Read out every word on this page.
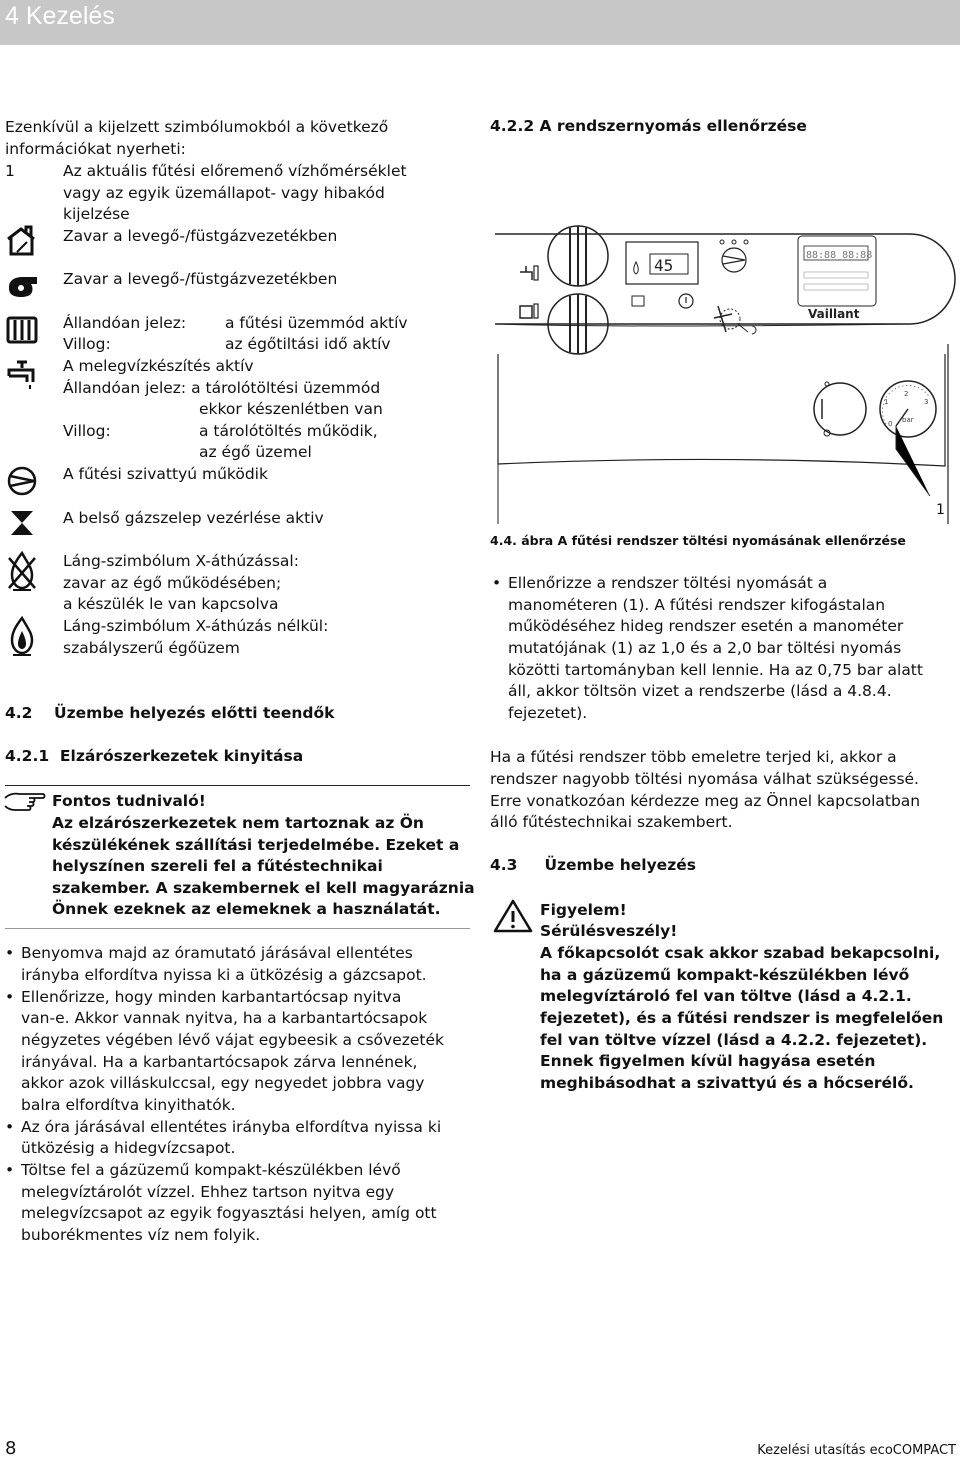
4 Kezelés
Ezenkívül a kijelzett szimbólumokból a következő
információkat nyerheti:
1	Az aktuális fűtési előremenő vízhőmérséklet
vagy az egyik üzemállapot- vagy hibakód
kijelzése
Zavar a levegő-/füstgázvezetékben
Zavar a levegő-/füstgázvezetékben
Állandóan jelez:	a fűtési üzemmód aktív
Villog:	az égőtiltási idő aktív
A melegvízkészítés aktív
Állandóan jelez: a tárolótöltési üzemmód
ekkor készenlétben van
Villog:	a tárolótöltés működik,
az égő üzemel
A fűtési szivattyú működik
A belső gázszelep vezérlése aktiv
Láng-szimbólum X-áthúzással:
zavar az égő működésében;
a készülék le van kapcsolva
Láng-szimbólum X-áthúzás nélkül:
szabályszerű égőüzem
4.2    Üzembe helyezés előtti teendők
4.2.1  Elzárószerkezetek kinyitása
Fontos tudnivaló!
Az elzárószerkezetek nem tartoznak az Ön
készülékének szállítási terjedelmébe. Ezeket a
helyszínen szereli fel a fűtéstechnikai
szakember. A szakembernek el kell magyaráznia
Önnek ezeknek az elemeknek a használatát.
• Benyomva majd az óramutató járásával ellentétes
irányba elfordítva nyissa ki a ütközésig a gázcsapot.
• Ellenőrizze, hogy minden karbantartócsap nyitva
van-e. Akkor vannak nyitva, ha a karbantartócsapok
négyzetes végében lévő vájat egybeesik a csővezeték
irányával. Ha a karbantartócsapok zárva lennének,
akkor azok villáskulccsal, egy negyedet jobbra vagy
balra elfordítva kinyithatók.
• Az óra járásával ellentétes irányba elfordítva nyissa ki
ütközésig a hidegvízcsapot.
• Töltse fel a gázüzemű kompakt-készülékben lévő
melegvíztárolót vízzel. Ehhez tartson nyitva egy
melegvízcsapot az egyik fogyasztási helyen, amíg ott
buborékmentes víz nem folyik.
4.2.2 A rendszernyomás ellenőrzése
45
88:88 88:88
Vaillant
1
2
3
0 bar
1
4.4. ábra A fűtési rendszer töltési nyomásának ellenőrzése
• Ellenőrizze a rendszer töltési nyomását a
manométeren (1). A fűtési rendszer kifogástalan
működéséhez hideg rendszer esetén a manométer
mutatójának (1) az 1,0 és a 2,0 bar töltési nyomás
közötti tartományban kell lennie. Ha az 0,75 bar alatt
áll, akkor töltsön vizet a rendszerbe (lásd a 4.8.4.
fejezetet).
Ha a fűtési rendszer több emeletre terjed ki, akkor a
rendszer nagyobb töltési nyomása válhat szükségessé.
Erre vonatkozóan kérdezze meg az Önnel kapcsolatban
álló fűtéstechnikai szakembert.
4.3     Üzembe helyezés
Figyelem!
Sérülésveszély!
A főkapcsolót csak akkor szabad bekapcsolni,
ha a gázüzemű kompakt-készülékben lévő
melegvíztároló fel van töltve (lásd a 4.2.1.
fejezetet), és a fűtési rendszer is megfelelően
fel van töltve vízzel (lásd a 4.2.2. fejezetet).
Ennek figyelmen kívül hagyása esetén
meghibásodhat a szivattyú és a hőcserélő.
8	Kezelési utasítás ecoCOMPACT
